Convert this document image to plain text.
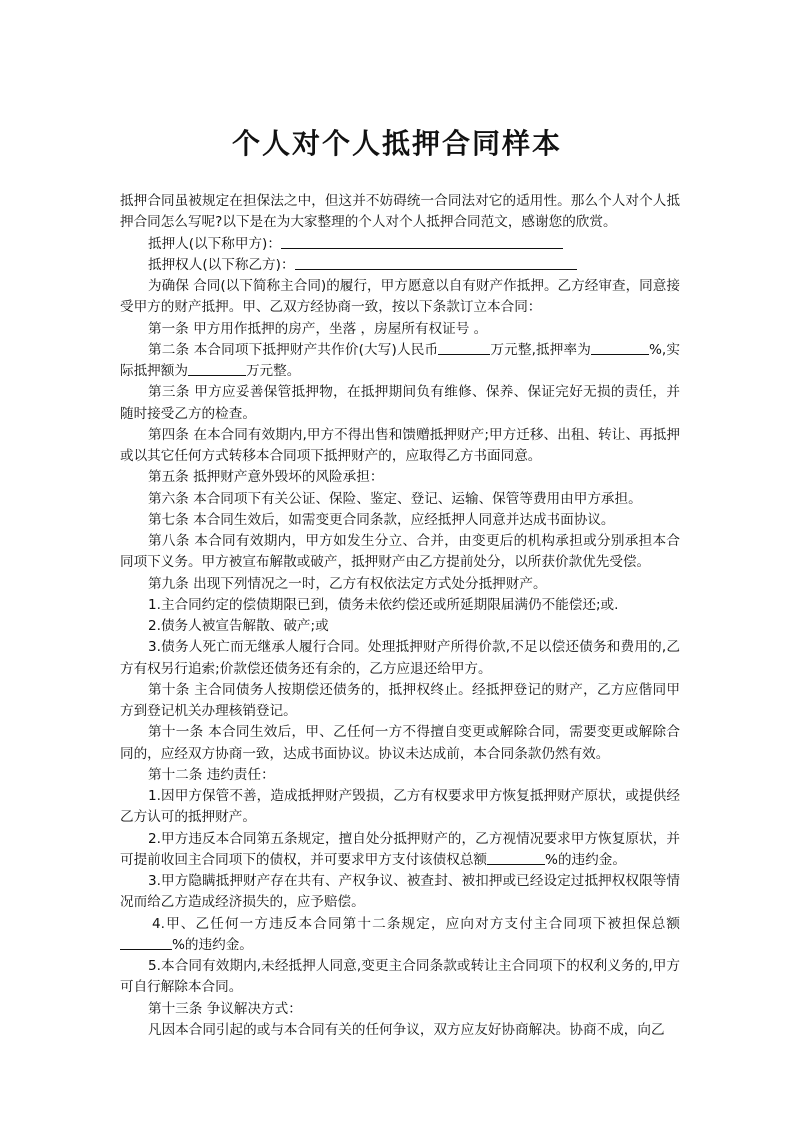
个人对个人抵押合同样本

抵押合同虽被规定在担保法之中，但这并不妨碍统一合同法对它的适用性。那么个人对个人抵押合同怎么写呢?以下是在为大家整理的个人对个人抵押合同范文，感谢您的欣赏。

抵押人(以下称甲方)：

抵押权人(以下称乙方)：

为确保 合同(以下简称主合同)的履行，甲方愿意以自有财产作抵押。乙方经审查，同意接受甲方的财产抵押。甲、乙双方经协商一致，按以下条款订立本合同：

第一条 甲方用作抵押的房产，坐落 ，房屋所有权证号 。

第二条 本合同项下抵押财产共作价(大写)人民币	万元整,抵押率为	%,实际抵押额为	万元整。

第三条 甲方应妥善保管抵押物，在抵押期间负有维修、保养、保证完好无损的责任，并随时接受乙方的检查。

第四条 在本合同有效期内,甲方不得出售和馈赠抵押财产;甲方迁移、出租、转让、再抵押或以其它任何方式转移本合同项下抵押财产的，应取得乙方书面同意。

第五条 抵押财产意外毁坏的风险承担：

第六条 本合同项下有关公证、保险、鉴定、登记、运输、保管等费用由甲方承担。

第七条 本合同生效后，如需变更合同条款，应经抵押人同意并达成书面协议。

第八条 本合同有效期内，甲方如发生分立、合并，由变更后的机构承担或分别承担本合同项下义务。甲方被宣布解散或破产，抵押财产由乙方提前处分，以所获价款优先受偿。

第九条 出现下列情况之一时，乙方有权依法定方式处分抵押财产。

1.主合同约定的偿债期限已到，债务未依约偿还或所延期限届满仍不能偿还;或.

2.债务人被宣告解散、破产;或

3.债务人死亡而无继承人履行合同。处理抵押财产所得价款,不足以偿还债务和费用的,乙方有权另行追索;价款偿还债务还有余的，乙方应退还给甲方。

第十条 主合同债务人按期偿还债务的，抵押权终止。经抵押登记的财产，乙方应偕同甲方到登记机关办理核销登记。

第十一条 本合同生效后，甲、乙任何一方不得擅自变更或解除合同，需要变更或解除合同的，应经双方协商一致，达成书面协议。协议未达成前，本合同条款仍然有效。

第十二条 违约责任：

1.因甲方保管不善，造成抵押财产毁损，乙方有权要求甲方恢复抵押财产原状，或提供经乙方认可的抵押财产。

2.甲方违反本合同第五条规定，擅自处分抵押财产的，乙方视情况要求甲方恢复原状，并可提前收回主合同项下的债权，并可要求甲方支付该债权总额	%的违约金。

3.甲方隐瞒抵押财产存在共有、产权争议、被查封、被扣押或已经设定过抵押权权限等情况而给乙方造成经济损失的，应予赔偿。

4.甲、乙任何一方违反本合同第十二条规定，应向对方支付主合同项下被担保总额%的违约金。

5.本合同有效期内,未经抵押人同意,变更主合同条款或转让主合同项下的权利义务的,甲方可自行解除本合同。

第十三条 争议解决方式：

凡因本合同引起的或与本合同有关的任何争议，双方应友好协商解决。协商不成，向乙
